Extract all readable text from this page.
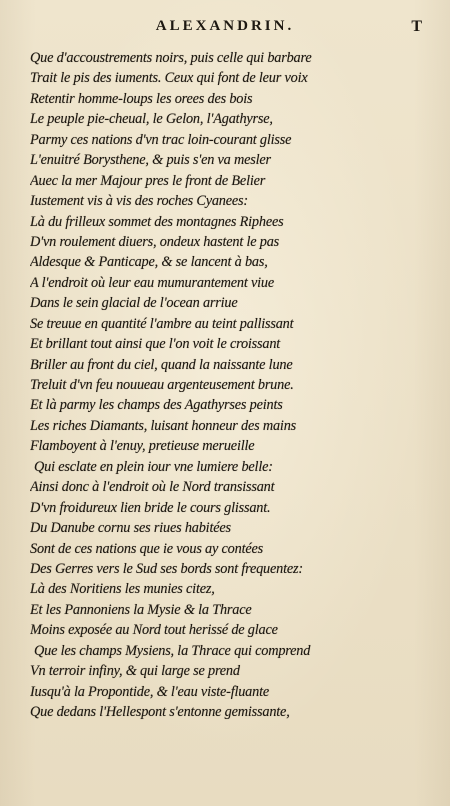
ALEXANDRIN.	T
Que d'accoustrements noirs, puis celle qui barbare
Trait le pis des iuments. Ceux qui font de leur voix
Retentir homme-loups les orees des bois
Le peuple pie-cheual, le Gelon, l'Agathyrse,
Parmy ces nations d'vn trac loin-courant glisse
L'enuitré Borysthene, & puis s'en va mesler
Auec la mer Majour pres le front de Belier
Iustement vis à vis des roches Cyanees:
Là du frilleux sommet des montagnes Riphees
D'vn roulement diuers, ondeux hastent le pas
Aldesque & Panticape, & se lancent à bas,
A l'endroit où leur eau mumurantement viue
Dans le sein glacial de l'ocean arriue
Se treuue en quantité l'ambre au teint pallissant
Et brillant tout ainsi que l'on voit le croissant
Briller au front du ciel, quand la naissante lune
Treluit d'vn feu nouueau argenteusement brune.
Et là parmy les champs des Agathyrses peints
Les riches Diamants, luisant honneur des mains
Flamboyent à l'enuy, pretieuse merueille
Qui esclate en plein iour vne lumiere belle:
Ainsi donc à l'endroit où le Nord transissant
D'vn froidureux lien bride le cours glissant.
Du Danube cornu ses riues habitées
Sont de ces nations que ie vous ay contées
Des Gerres vers le Sud ses bords sont frequentez:
Là des Noritiens les munies citez,
Et les Pannoniens la Mysie & la Thrace
Moins exposée au Nord tout herissé de glace
Que les champs Mysiens, la Thrace qui comprend
Vn terroir infiny, & qui large se prend
Iusqu'à la Propontide, & l'eau viste-fluante
Que dedans l'Hellespont s'entonne gemissante,
